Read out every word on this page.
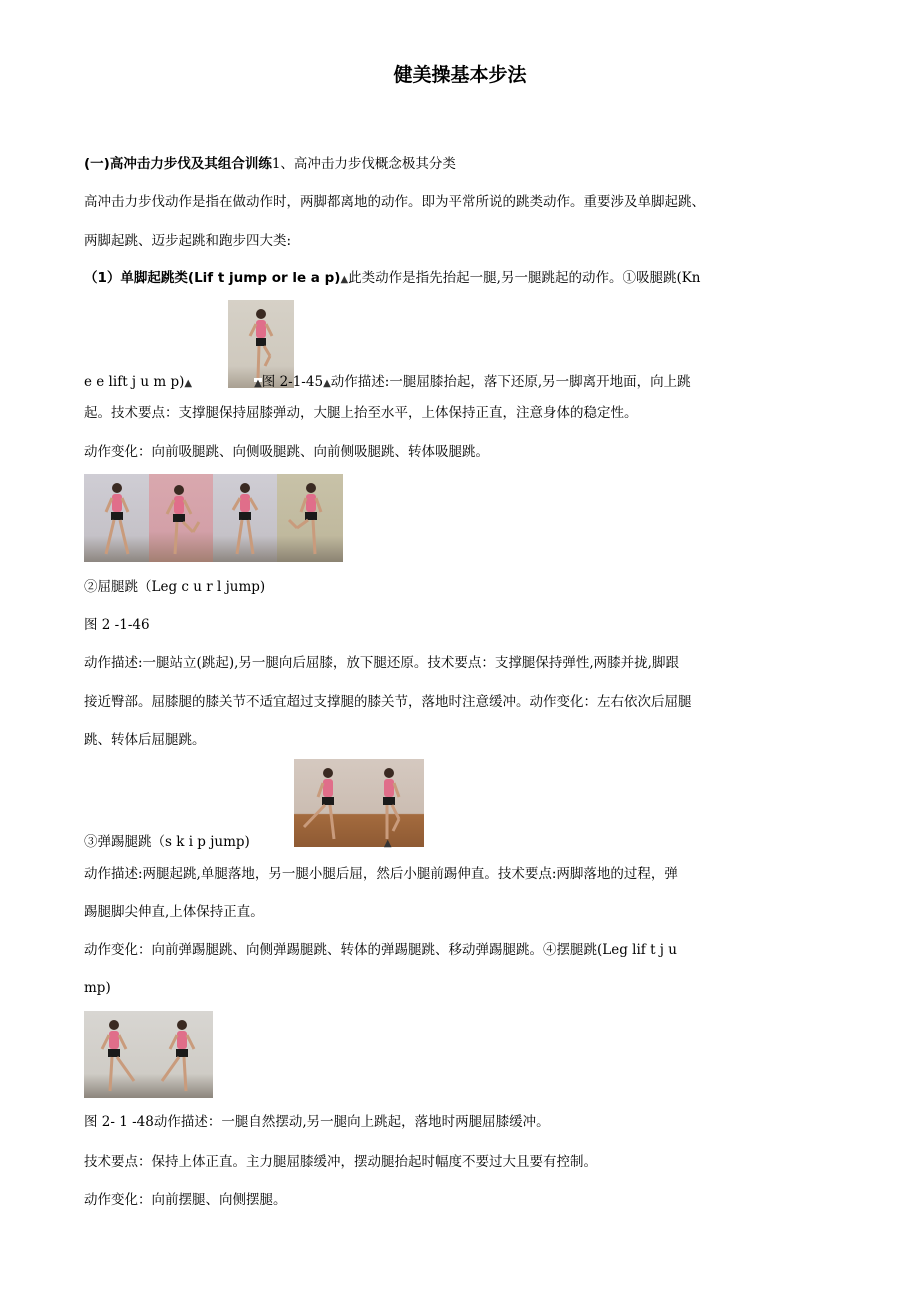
健美操基本步法
(一)高冲击力步伐及其组合训练1、高冲击力步伐概念极其分类
高冲击力步伐动作是指在做动作时，两脚都离地的动作。即为平常所说的跳类动作。重要涉及单脚起跳、
两脚起跳、迈步起跳和跑步四大类:
（1）单脚起跳类(Lif t jump or le a p)▲此类动作是指先抬起一腿,另一腿跳起的动作。①吸腿跳(Kn
e e lift j u m p)▲	▲图 2-1-45▲动作描述:一腿屈膝抬起，落下还原,另一脚离开地面，向上跳
起。技术要点：支撑腿保持屈膝弹动，大腿上抬至水平，上体保持正直，注意身体的稳定性。
动作变化：向前吸腿跳、向侧吸腿跳、向前侧吸腿跳、转体吸腿跳。
②屈腿跳（Leg c u r l jump)
图 2 -1-46
动作描述:一腿站立(跳起),另一腿向后屈膝，放下腿还原。技术要点：支撑腿保持弹性,两膝并拢,脚跟
接近臀部。屈膝腿的膝关节不适宜超过支撑腿的膝关节，落地时注意缓冲。动作变化：左右依次后屈腿
跳、转体后屈腿跳。
③弹踢腿跳（s k i p jump)	▲
动作描述:两腿起跳,单腿落地，另一腿小腿后屈，然后小腿前踢伸直。技术要点:两脚落地的过程，弹
踢腿脚尖伸直,上体保持正直。
动作变化：向前弹踢腿跳、向侧弹踢腿跳、转体的弹踢腿跳、移动弹踢腿跳。④摆腿跳(Leg lif t j u
mp)
图 2- 1 -48动作描述：一腿自然摆动,另一腿向上跳起，落地时两腿屈膝缓冲。
技术要点：保持上体正直。主力腿屈膝缓冲，摆动腿抬起时幅度不要过大且要有控制。
动作变化：向前摆腿、向侧摆腿。
